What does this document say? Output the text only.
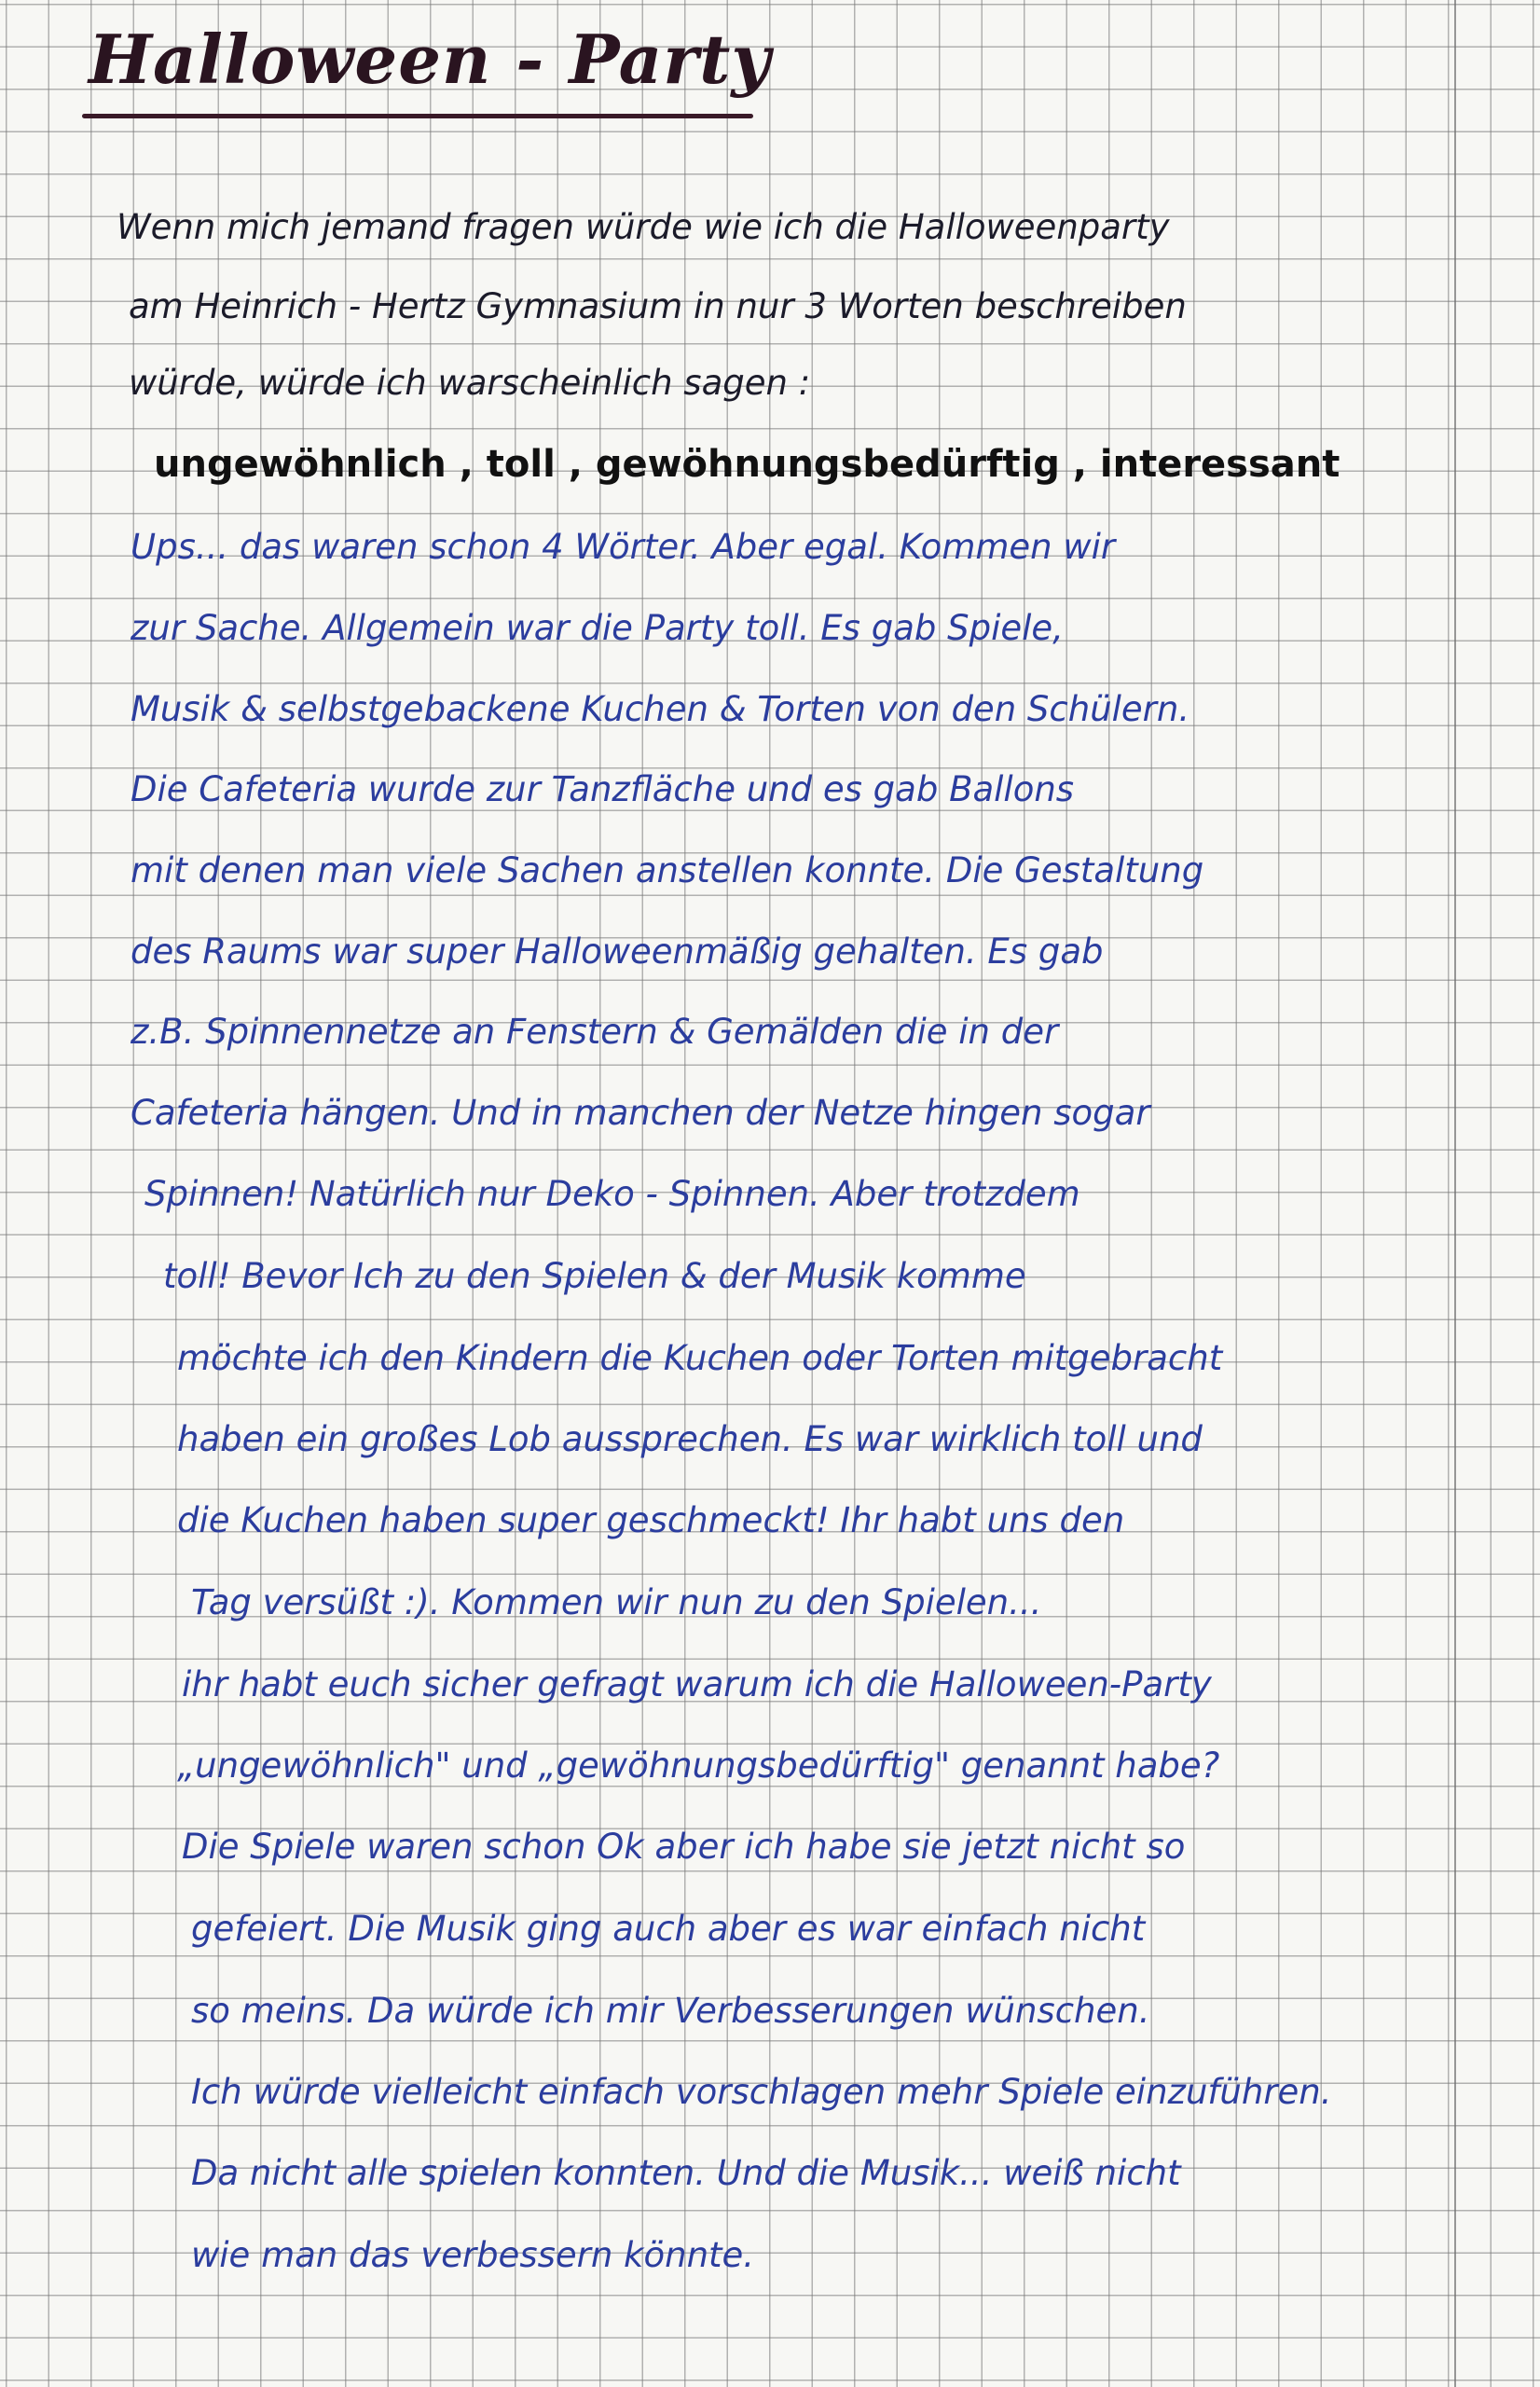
Halloween - Party
Wenn mich jemand fragen würde wie ich die Halloweenparty
am Heinrich - Hertz Gymnasium in nur 3 Worten beschreiben
würde, würde ich warscheinlich sagen :
ungewöhnlich , toll , gewöhnungsbedürftig , interessant
Ups... das waren schon 4 Wörter. Aber egal. Kommen wir
zur Sache. Allgemein war die Party toll. Es gab Spiele,
Musik & selbstgebackene Kuchen & Torten von den Schülern.
Die Cafeteria wurde zur Tanzfläche und es gab Ballons
mit denen man viele Sachen anstellen konnte. Die Gestaltung
des Raums war super Halloweenmäßig gehalten. Es gab
z.B. Spinnennetze an Fenstern & Gemälden die in der
Cafeteria hängen. Und in manchen der Netze hingen sogar
Spinnen! Natürlich nur Deko - Spinnen. Aber trotzdem
toll! Bevor Ich zu den Spielen & der Musik komme
möchte ich den Kindern die Kuchen oder Torten mitgebracht
haben ein großes Lob aussprechen. Es war wirklich toll und
die Kuchen haben super geschmeckt! Ihr habt uns den
Tag versüßt :). Kommen wir nun zu den Spielen...
ihr habt euch sicher gefragt warum ich die Halloween-Party
„ungewöhnlich" und „gewöhnungsbedürftig" genannt habe?
Die Spiele waren schon Ok aber ich habe sie jetzt nicht so
gefeiert. Die Musik ging auch aber es war einfach nicht
so meins. Da würde ich mir Verbesserungen wünschen.
Ich würde vielleicht einfach vorschlagen mehr Spiele einzuführen.
Da nicht alle spielen konnten. Und die Musik... weiß nicht
wie man das verbessern könnte.
